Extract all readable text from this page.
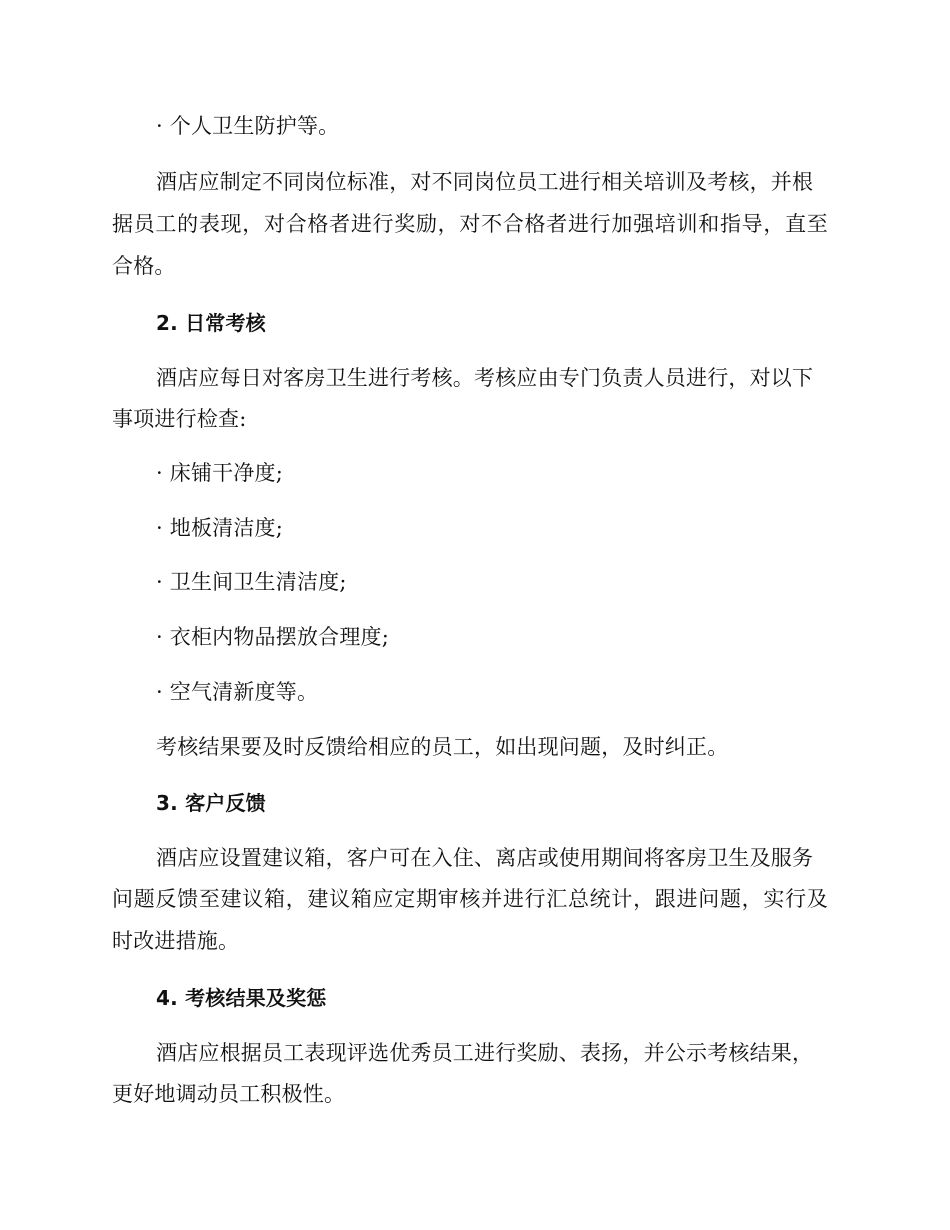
· 个人卫生防护等。
酒店应制定不同岗位标准，对不同岗位员工进行相关培训及考核，并根
据员工的表现，对合格者进行奖励，对不合格者进行加强培训和指导，直至
合格。
2. 日常考核
酒店应每日对客房卫生进行考核。考核应由专门负责人员进行，对以下
事项进行检查:
· 床铺干净度;
· 地板清洁度;
· 卫生间卫生清洁度;
· 衣柜内物品摆放合理度;
· 空气清新度等。
考核结果要及时反馈给相应的员工，如出现问题，及时纠正。
3. 客户反馈
酒店应设置建议箱，客户可在入住、离店或使用期间将客房卫生及服务
问题反馈至建议箱，建议箱应定期审核并进行汇总统计，跟进问题，实行及
时改进措施。
4. 考核结果及奖惩
酒店应根据员工表现评选优秀员工进行奖励、表扬，并公示考核结果，
更好地调动员工积极性。
